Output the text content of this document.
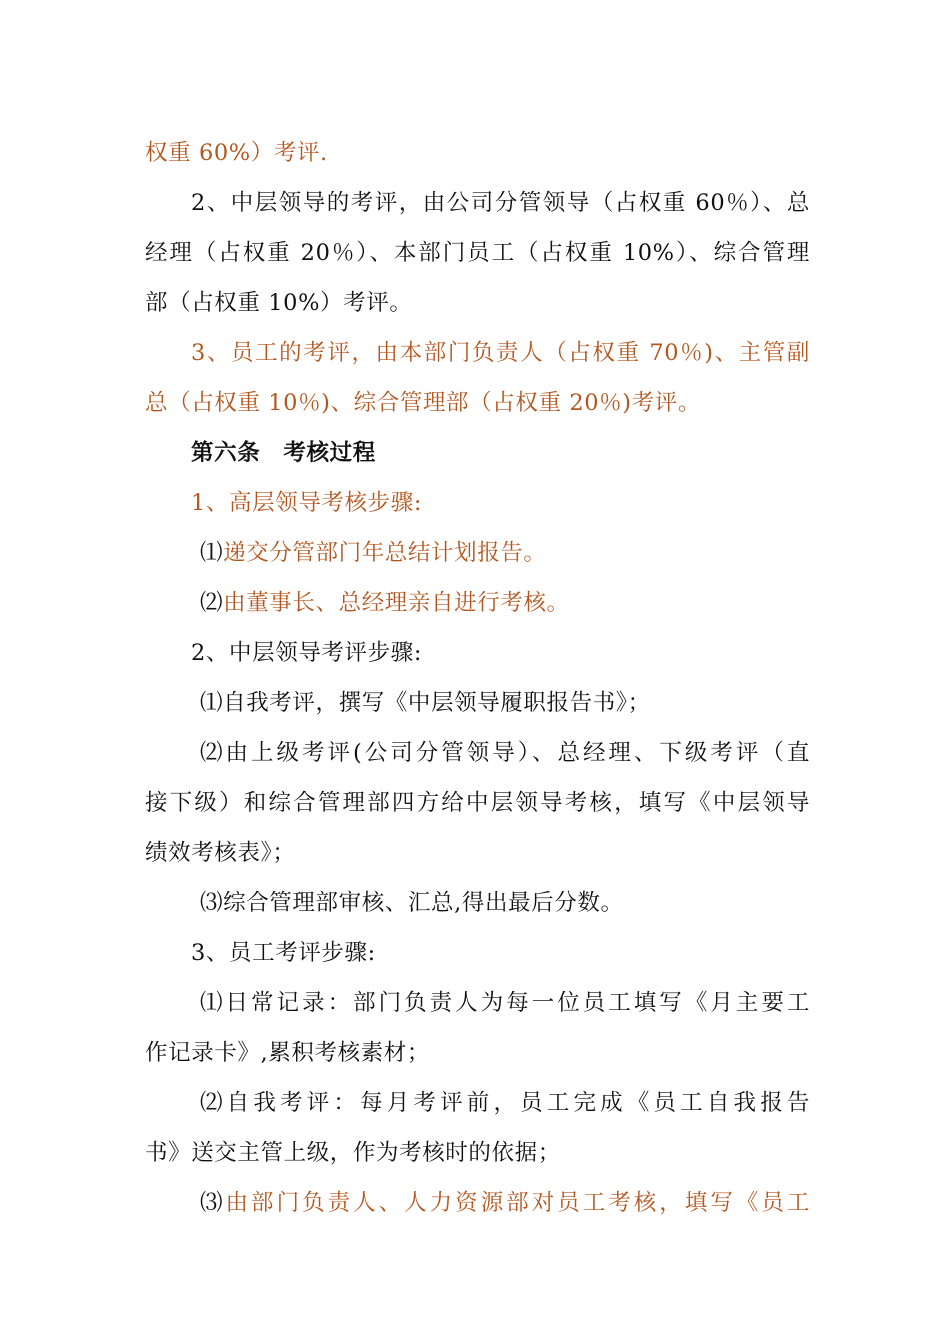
权重 60%）考评.
2、中层领导的考评，由公司分管领导（占权重 60％）、总
经理（占权重 20％）、本部门员工（占权重 10%）、综合管理
部（占权重 10%）考评。
3、员工的考评，由本部门负责人（占权重 70％)、主管副
总（占权重 10％)、综合管理部（占权重 20％)考评。
第六条　考核过程
1、高层领导考核步骤:
⑴递交分管部门年总结计划报告。
⑵由董事长、总经理亲自进行考核。
2、中层领导考评步骤:
⑴自我考评，撰写《中层领导履职报告书》；
⑵由上级考评(公司分管领导）、总经理、下级考评（直
接下级）和综合管理部四方给中层领导考核，填写《中层领导
绩效考核表》；
⑶综合管理部审核、汇总,得出最后分数。
3、员工考评步骤:
⑴日常记录：部门负责人为每一位员工填写《月主要工
作记录卡》,累积考核素材；
⑵自我考评：每月考评前，员工完成《员工自我报告
书》送交主管上级，作为考核时的依据；
⑶由部门负责人、人力资源部对员工考核，填写《员工
